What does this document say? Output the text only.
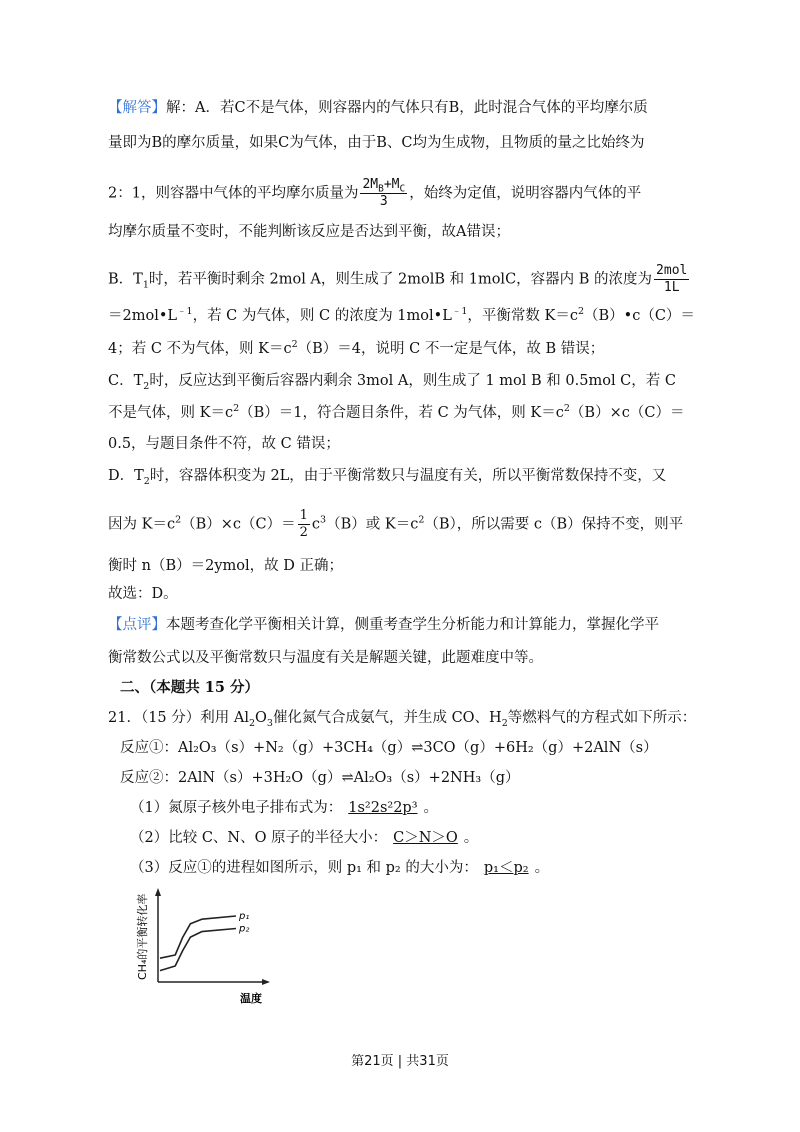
【解答】解：A．若C不是气体，则容器内的气体只有B，此时混合气体的平均摩尔质
量即为B的摩尔质量，如果C为气体，由于B、C均为生成物，且物质的量之比始终为
2：1，则容器中气体的平均摩尔质量为 $\frac{2M_B+M_C}{3}$ ，始终为定值，说明容器内气体的平
均摩尔质量不变时，不能判断该反应是否达到平衡，故A错误；
B．$T_1$时，若平衡时剩余 2mol A，则生成了 2molB 和 1molC，容器内 B 的浓度为 $\frac{\text{2mol}}{1L}$
$=2mol•L^{﹣1}$，若 C 为气体，则 C 的浓度为 $1mol•L^{﹣1}$，平衡常数 $K=c^2(B)•c(C)=$
4；若 C 不为气体，则 $K=c^2(B)=4$，说明 C 不一定是气体，故 B 错误；
C．$T_2$时，反应达到平衡后容器内剩余 3mol A，则生成了 1 mol B 和 0.5mol C，若 C
不是气体，则 $K=c^2(B)=1$，符合题目条件，若 C 为气体，则 $K=c^2(B)\times c(C)=$
0.5，与题目条件不符，故 C 错误；
D．$T_2$时，容器体积变为 2L，由于平衡常数只与温度有关，所以平衡常数保持不变，又
因为 $K=c^2(B)\times c(C)= \frac{1}{2} c^3(B)$或 $K=c^2(B)$，所以需要 c（B）保持不变，则平
衡时 n（B）＝2ymol，故 D 正确；
故选：D。
【点评】本题考查化学平衡相关计算，侧重考查学生分析能力和计算能力，掌握化学平
衡常数公式以及平衡常数只与温度有关是解题关键，此题难度中等。
二、（本题共 15 分）
21．（15 分）利用 $Al_2O_3$催化氮气合成氨气，并生成 CO、$H_2$等燃料气的方程式如下所示：
反应①：Al₂O₃（s）+N₂（g）+3CH₄（g）⇌3CO（g）+6H₂（g）+2AlN（s）
反应②：2AlN（s）+3H₂O（g）⇌Al₂O₃（s）+2NH₃（g）
（1）氮原子核外电子排布式为： 1s²2s²2p³ 。
（2）比较 C、N、O 原子的半径大小： C＞N＞O 。
（3）反应①的进程如图所示，则 p₁ 和 p₂ 的大小为： p₁＜p₂ 。
CH₄的平衡转化率
温度
p₁
p₂
第21页 | 共31页
